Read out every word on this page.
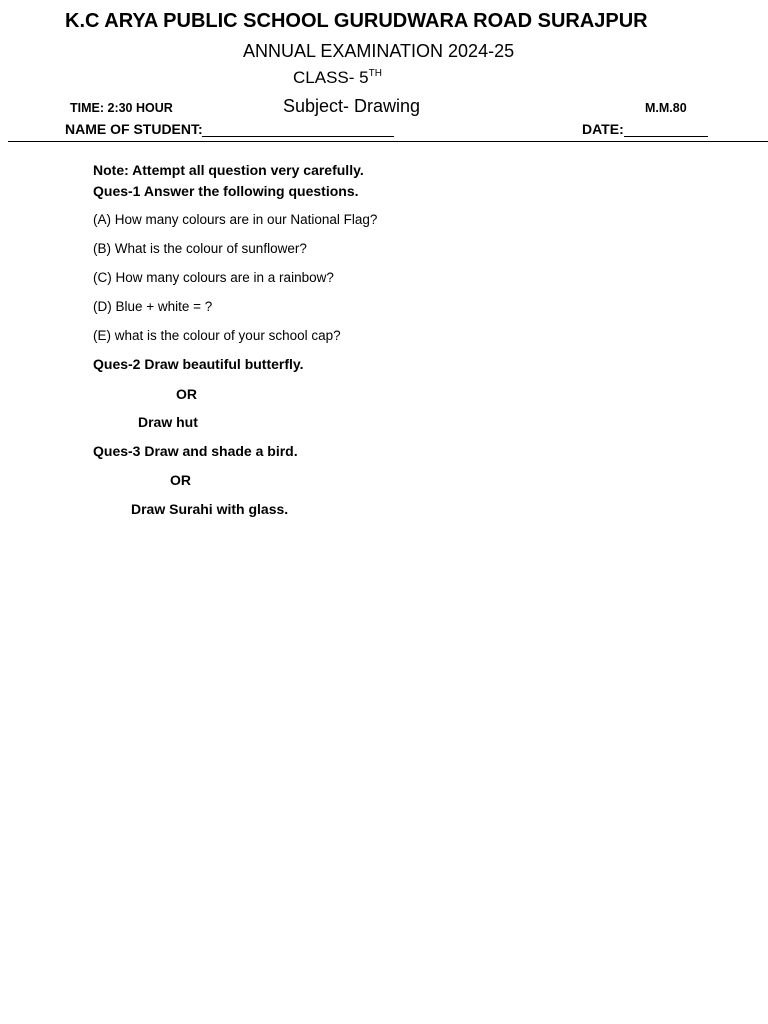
K.C ARYA PUBLIC SCHOOL GURUDWARA ROAD SURAJPUR
ANNUAL EXAMINATION 2024-25
CLASS- 5TH
TIME: 2:30 HOUR	Subject- Drawing	M.M.80
NAME OF STUDENT:	DATE:
Note: Attempt all question very carefully.
Ques-1 Answer the following questions.
(A) How many colours are in our National Flag?
(B) What is the colour of sunflower?
(C) How many colours are in a rainbow?
(D) Blue + white = ?
(E) what is the colour of your school cap?
Ques-2 Draw beautiful butterfly.
OR
Draw hut
Ques-3 Draw and shade a bird.
OR
Draw Surahi with glass.
